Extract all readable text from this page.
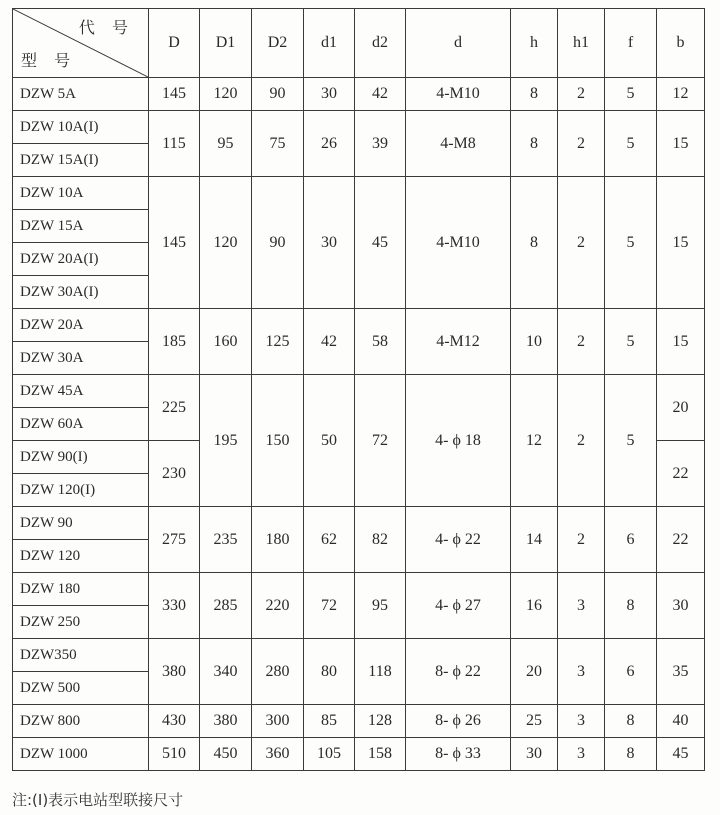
代 号
型 号	D	D1	D2	d1	d2	d	h	h1	f	b
DZW 5A	145	120	90	30	42	4-M10	8	2	5	12
DZW 10A(I)	115	95	75	26	39	4-M8	8	2	5	15
DZW 15A(I)										
DZW 10A	145	120	90	30	45	4-M10	8	2	5	15
DZW 15A										
DZW 20A(I)										
DZW 30A(I)										
DZW 20A	185	160	125	42	58	4-M12	10	2	5	15
DZW 30A										
DZW 45A	225	195	150	50	72	4- ϕ 18	12	2	5	20
DZW 60A										
DZW 90(I)	230									22
DZW 120(I)										
DZW 90	275	235	180	62	82	4- ϕ 22	14	2	6	22
DZW 120										
DZW 180	330	285	220	72	95	4- ϕ 27	16	3	8	30
DZW 250										
DZW350	380	340	280	80	118	8- ϕ 22	20	3	6	35
DZW 500										
DZW 800	430	380	300	85	128	8- ϕ 26	25	3	8	40
DZW 1000	510	450	360	105	158	8- ϕ 33	30	3	8	45
注:(I)表示电站型联接尺寸
